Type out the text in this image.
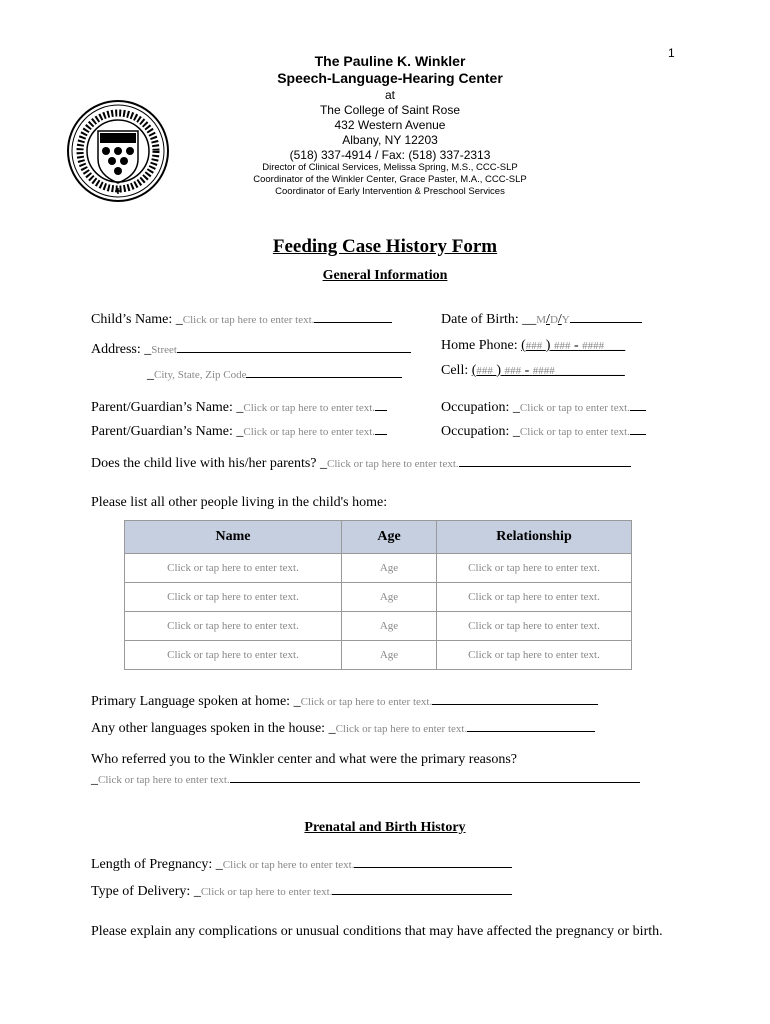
1
The Pauline K. Winkler
Speech-Language-Hearing Center
at
The College of Saint Rose
432 Western Avenue
Albany, NY 12203
(518) 337-4914 / Fax: (518) 337-2313
Director of Clinical Services, Melissa Spring, M.S., CCC-SLP
Coordinator of the Winkler Center, Grace Paster, M.A., CCC-SLP
Coordinator of Early Intervention & Preschool Services
Feeding Case History Form
General Information
Child’s Name: _Click or tap here to enter text.	Date of Birth: __M/D/Y
Address: _Street	Home Phone: (### ) ### - ####___
_City, State, Zip Code	Cell: (### ) ### - ####__________
Parent/Guardian’s Name: _Click or tap here to enter text.	Occupation: _Click or tap to enter text.
Parent/Guardian’s Name: _Click or tap here to enter text.	Occupation: _Click or tap to enter text.
Does the child live with his/her parents? _Click or tap here to enter text.
Please list all other people living in the child's home:
Name	Age	Relationship
Click or tap here to enter text.	Age	Click or tap here to enter text.
Click or tap here to enter text.	Age	Click or tap here to enter text.
Click or tap here to enter text.	Age	Click or tap here to enter text.
Click or tap here to enter text.	Age	Click or tap here to enter text.
Primary Language spoken at home: _Click or tap here to enter text.
Any other languages spoken in the house: _Click or tap here to enter text.
Who referred you to the Winkler center and what were the primary reasons?
_Click or tap here to enter text.
Prenatal and Birth History
Length of Pregnancy: _Click or tap here to enter text.
Type of Delivery: _Click or tap here to enter text.
Please explain any complications or unusual conditions that may have affected the pregnancy or birth.
